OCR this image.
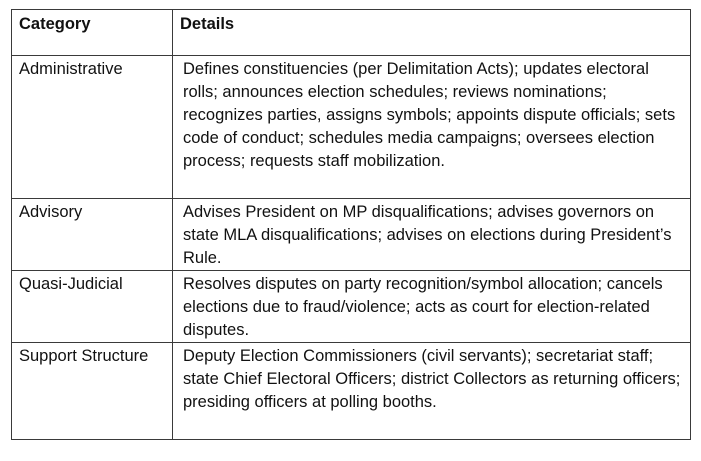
Category	Details
Administrative	Defines constituencies (per Delimitation Acts); updates electoral rolls; announces election schedules; reviews nominations; recognizes parties, assigns symbols; appoints dispute officials; sets code of conduct; schedules media campaigns; oversees election process; requests staff mobilization.
Advisory	Advises President on MP disqualifications; advises governors on state MLA disqualifications; advises on elections during President’s Rule.
Quasi-Judicial	Resolves disputes on party recognition/symbol allocation; cancels elections due to fraud/violence; acts as court for election-related disputes.
Support Structure	Deputy Election Commissioners (civil servants); secretariat staff; state Chief Electoral Officers; district Collectors as returning officers; presiding officers at polling booths.
